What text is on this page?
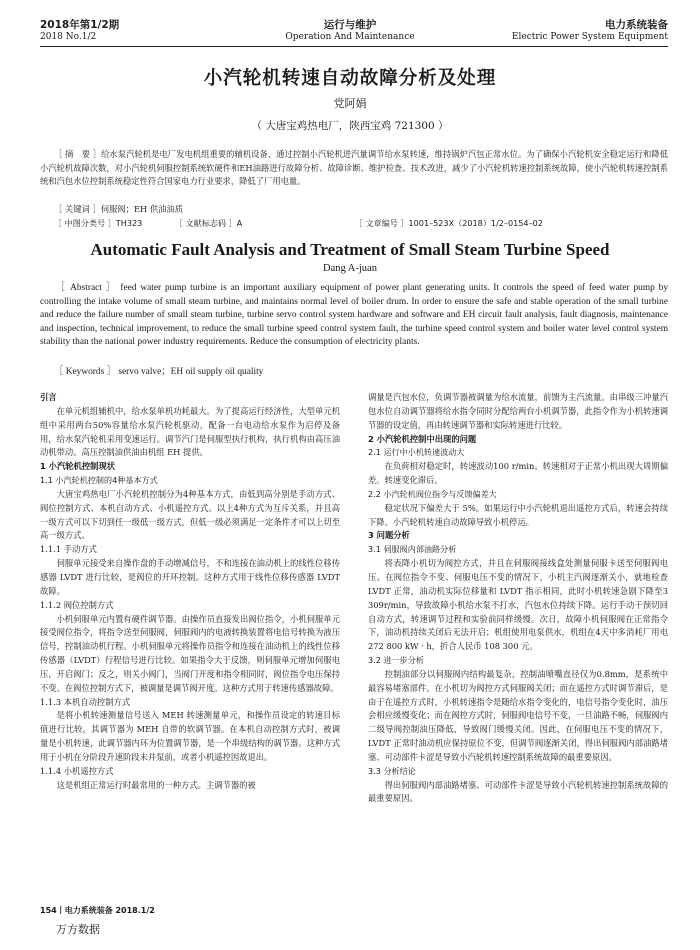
2018年第1/2期
2018 No.1/2
运行与维护
Operation And Maintenance
电力系统装备
Electric Power System Equipment
小汽轮机转速自动故障分析及处理
党阿娟
（ 大唐宝鸡热电厂，陕西宝鸡 721300 ）
［ 摘　要 ］给水泵汽轮机是电厂发电机组重要的辅机设备，通过控制小汽轮机进汽量调节给水泵转速，维持锅炉汽包正常水位。为了确保小汽轮机安全稳定运行和降低小汽轮机故障次数，对小汽轮机伺服控制系统软硬件和EH油路进行故障分析、故障诊断、维护检查、技术改进，减少了小汽轮机转速控制系统故障，使小汽轮机转速控制系统和汽包水位控制系统稳定性符合国家电力行业要求，降低了厂用电量。
［ 关键词 ］伺服阀；EH 供油油质
［ 中图分类号 ］TH323	［ 文献标志码 ］A	［ 文章编号 ］1001–523X（2018）1/2–0154–02
Automatic Fault Analysis and Treatment of Small Steam Turbine Speed
Dang A-juan
［ Abstract ］ feed water pump turbine is an important auxiliary equipment of power plant generating units. It controls the speed of feed water pump by controlling the intake volume of small steam turbine, and maintains normal level of boiler drum. In order to ensure the safe and stable operation of the small turbine and reduce the failure number of small steam turbine, turbine servo control system hardware and software and EH circuit fault analysis, fault diagnosis, maintenance and inspection, technical improvement, to reduce the small turbine speed control system fault, the turbine speed control system and boiler water level control system stability than the national power industry requirements. Reduce the consumption of electricity plants.
［ Keywords ］ servo valve；EH oil supply oil quality
引言

在单元机组辅机中，给水泵单机功耗最大。为了提高运行经济性，大型单元机组中采用两台50%容量给水泵汽轮机驱动，配备一台电动给水泵作为启停及备用，给水泵汽轮机采用变速运行。调节汽门是伺服型执行机构，执行机构由高压油动机带动。高压控制油供油由机组 EH 提供。

1 小汽轮机控制现状
1.1 小汽轮机控制的4种基本方式

大唐宝鸡热电厂小汽轮机控制分为4种基本方式，由低到高分别是手动方式、阀位控制方式、本机自动方式、小机遥控方式。以上4种方式为互斥关系，并且高一级方式可以下切到任一级低一级方式，但低一级必须满足一定条件才可以上切至高一级方式。

1.1.1 手动方式

伺服单元接受来自操作盘的手动增减信号，不和连接在油动机上的线性位移传感器 LVDT 进行比较，是阀位的开环控制。这种方式用于线性位移传感器 LVDT 故障。

1.1.2 阀位控制方式

小机伺服单元内置有硬件调节器。由操作员直接发出阀位指令，小机伺服单元接受阀位指令，将指令送至伺服阀，伺服阀内的电液转换装置将电信号转换为液压信号，控制油动机行程。小机伺服单元将操作员指令和连接在油动机上的线性位移传感器（LVDT）行程信号进行比较。如果指令大于反馈，则伺服单元增加伺服电压，开启阀门；反之，则关小阀门，当阀门开度和指令相同时，阀位指令电压保持不变。在阀位控制方式下，被调量是调节阀开度。这种方式用于转速传感器故障。

1.1.3 本机自动控制方式

是将小机转速测量信号送入 MEH 转速测量单元，和操作员设定的转速目标值进行比较，其调节器为 MEH 自带的软调节器。在本机自动控制方式时，被调量是小机转速，此调节器内环为位置调节器，是一个串级结构的调节器。这种方式用于小机在分阶段升速阶段未并泵前，或者小机遥控因故退出。

1.1.4 小机遥控方式

这是机组正常运行时最常用的一种方式。主调节器的被

调量是汽包水位，负调节器被调量为给水流量，前馈为主汽流量。由串级三冲量汽包水位自动调节器将给水指令同时分配给两台小机调节器，此指令作为小机转速调节器的设定值，再由转速调节器和实际转速进行比较。

2 小汽轮机控制中出现的问题
2.1 运行中小机转速波动大

在负荷相对稳定时，转速波动100 r/min。转速相对于正常小机出现大周期偏差。转速变化滞后。

2.2 小汽轮机阀位指令与反馈偏差大

稳定状况下偏差大于 5%。如果运行中小汽轮机退出遥控方式后，转速会持续下降。小汽轮机转速自动故障导致小机停运。

3 问题分析
3.1 伺服阀内部油路分析

将表降小机切为阀控方式，并且在伺服阀接线盒处测量伺服卡送至伺服阀电压。在阀位指令不变、伺服电压不变的情况下，小机主汽阀逐渐关小，就地检查 LVDT 正常，油动机实际位移量和 LVDT 指示相同，此时小机转速急剧下降至3 309r/min，导致故障小机给水泵不打水，汽包水位持续下降。运行手动干预切回自动方式，转速调节过程和实验前同样缓慢。次日，故障小机伺服阀在正常指令下，油动机持续关闭后无法开启；机组使用电泵供水，机组在4天中多消耗厂用电272 800 kW · h，折合人民币 108 300 元。

3.2 进一步分析

控制油部分以伺服阀内结构最复杂，控制油喷嘴直径仅为0.8mm，是系统中最容易堵塞部件。在小机切为阀控方式伺服阀关闭；而在遥控方式时调节滞后，是由于在遥控方式时，小机转速指令是随给水指令变化的，电信号指令变化时，油压会相应缓慢变化；而在阀控方式时，伺服阀电信号不变，一旦油路不畅，伺服阀内二级导阀控制油压降低，导致阀门缓慢关闭。因此，在伺服电压不变的情况下，LVDT 正常时油动机应保持原位不变，但调节阀逐渐关闭，得出伺服阀内部油路堵塞、可动部件卡涩是导致小汽轮机转速控制系统故障的最重要原因。

3.3 分析结论

得出伺服阀内部油路堵塞、可动部件卡涩是导致小汽轮机转速控制系统故障的最重要原因。

154丨电力系统装备 2018.1/2
万方数据
